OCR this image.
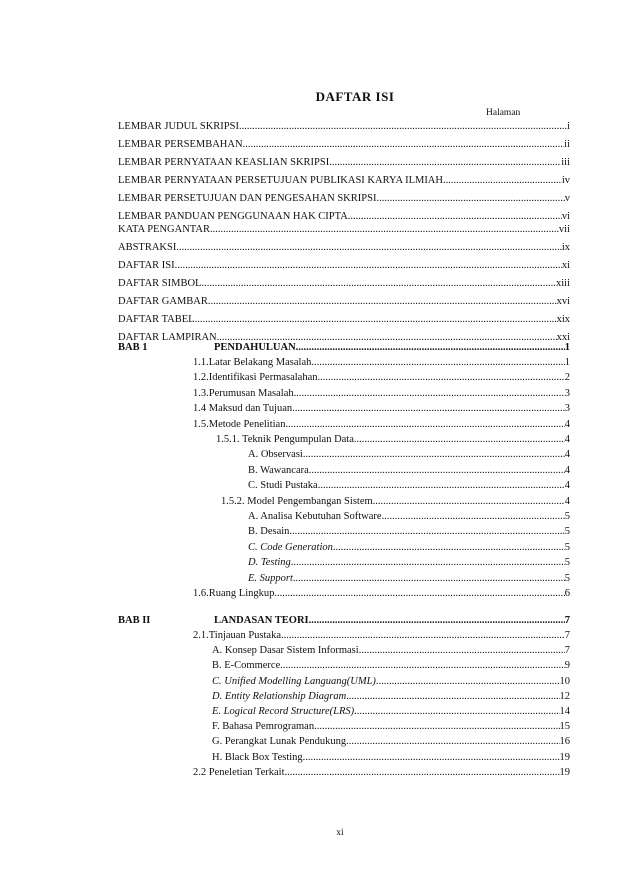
DAFTAR ISI
Halaman
LEMBAR JUDUL SKRIPSI .....	i
LEMBAR PERSEMBAHAN .....	ii
LEMBAR PERNYATAAN KEASLIAN SKRIPSI .....	iii
LEMBAR PERNYATAAN PERSETUJUAN PUBLIKASI KARYA ILMIAH .....	iv
LEMBAR PERSETUJUAN DAN PENGESAHAN SKRIPSI .....	v
LEMBAR PANDUAN PENGGUNAAN HAK CIPTA .....	vi
KATA PENGANTAR .....	vii
ABSTRAKSI .....	ix
DAFTAR ISI .....	xi
DAFTAR SIMBOL .....	xiii
DAFTAR GAMBAR .....	xvi
DAFTAR TABEL .....	xix
DAFTAR LAMPIRAN .....	xxi
BAB 1	PENDAHULUAN .....	1
1.1.Latar Belakang Masalah .....	1
1.2.Identifikasi Permasalahan .....	2
1.3.Perumusan Masalah .....	3
1.4 Maksud dan Tujuan .....	3
1.5.Metode Penelitian .....	4
1.5.1. Teknik Pengumpulan Data .....	4
A. Observasi .....	4
B. Wawancara .....	4
C. Studi Pustaka .....	4
1.5.2. Model Pengembangan Sistem .....	4
A. Analisa Kebutuhan Software .....	5
B. Desain .....	5
C. Code Generation .....	5
D. Testing .....	5
E. Support .....	5
1.6.Ruang Lingkup .....	6
BAB II	LANDASAN TEORI .....	7
2.1.Tinjauan Pustaka .....	7
A. Konsep Dasar Sistem Informasi .....	7
B. E-Commerce .....	9
C. Unified Modelling Languang(UML) .....	10
D. Entity Relationship Diagram .....	12
E. Logical Record Structure(LRS) .....	14
F. Bahasa Pemrograman .....	15
G. Perangkat Lunak Pendukung .....	16
H. Black Box Testing .....	19
2.2 Peneletian Terkait .....	19
xi
